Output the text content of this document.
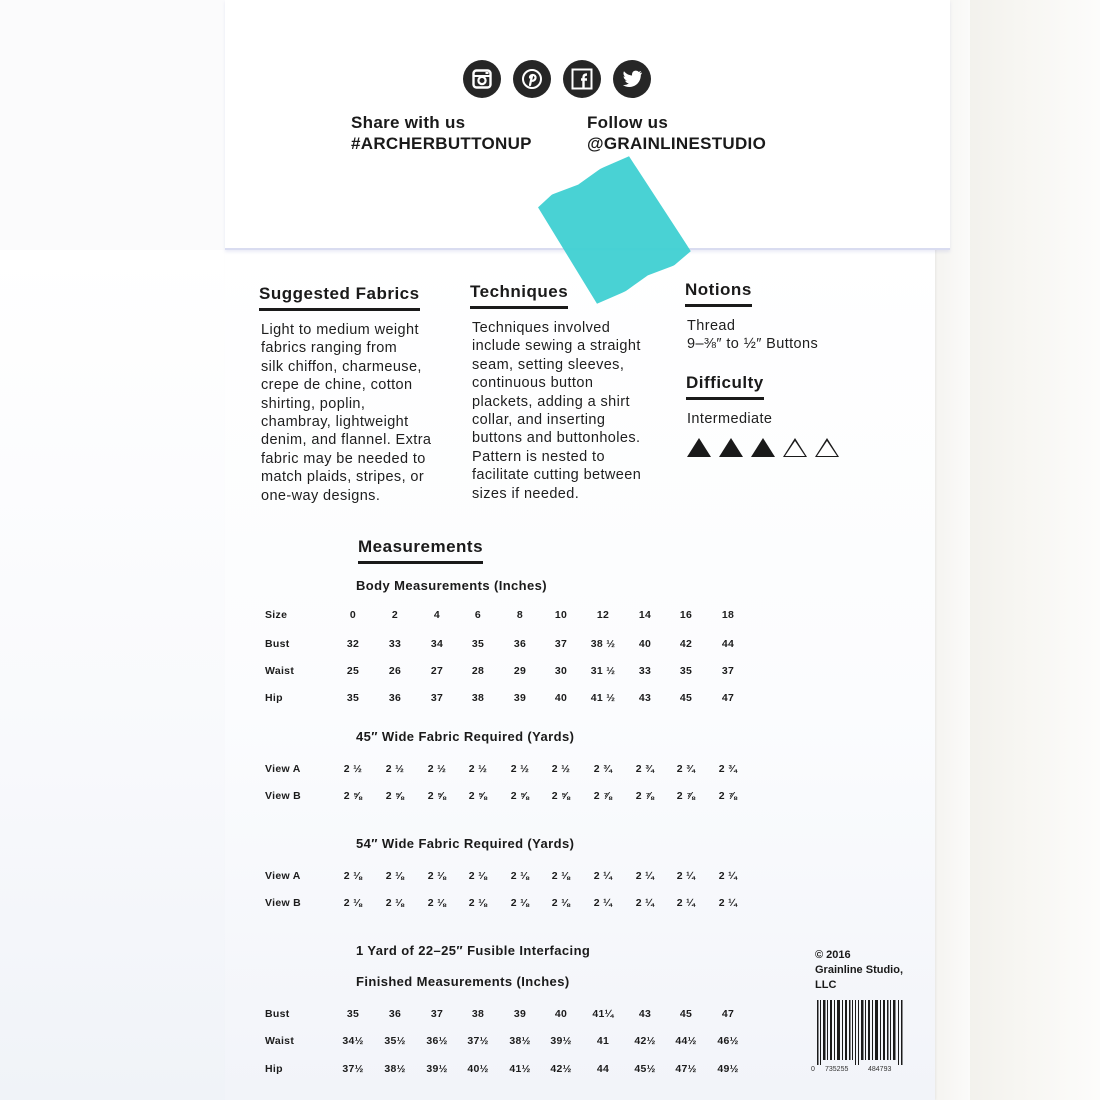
Share with us
#ARCHERBUTTONUP
Follow us
@GRAINLINESTUDIO
Suggested Fabrics
Light to medium weight
fabrics ranging from
silk chiffon, charmeuse,
crepe de chine, cotton
shirting, poplin,
chambray, lightweight
denim, and flannel. Extra
fabric may be needed to
match plaids, stripes, or
one-way designs.
Techniques
Techniques involved
include sewing a straight
seam, setting sleeves,
continuous button
plackets, adding a shirt
collar, and inserting
buttons and buttonholes.
Pattern is nested to
facilitate cutting between
sizes if needed.
Notions
Thread
9–⅜″ to ½″ Buttons
Difficulty
Intermediate
Measurements
Body Measurements (Inches)
Size	0	2	4	6	8	10	12	14	16	18
Bust	32	33	34	35	36	37	38 ½	40	42	44
Waist	25	26	27	28	29	30	31 ½	33	35	37
Hip	35	36	37	38	39	40	41 ½	43	45	47
45″ Wide Fabric Required (Yards)
View A	2 ½	2 ½	2 ½	2 ½	2 ½	2 ½	2 ¾	2 ¾	2 ¾	2 ¾
View B	2 ⅝	2 ⅝	2 ⅝	2 ⅝	2 ⅝	2 ⅝	2 ⅞	2 ⅞	2 ⅞	2 ⅞
54″ Wide Fabric Required (Yards)
View A	2 ⅛	2 ⅛	2 ⅛	2 ⅛	2 ⅛	2 ⅛	2 ¼	2 ¼	2 ¼	2 ¼
View B	2 ⅛	2 ⅛	2 ⅛	2 ⅛	2 ⅛	2 ⅛	2 ¼	2 ¼	2 ¼	2 ¼
1 Yard of 22–25″ Fusible Interfacing
Finished Measurements (Inches)
Bust	35	36	37	38	39	40	41¼	43	45	47
Waist	34½	35½	36½	37½	38½	39½	41	42½	44½	46½
Hip	37½	38½	39½	40½	41½	42½	44	45½	47½	49½
© 2016
Grainline Studio,
LLC
0 735255	484793
